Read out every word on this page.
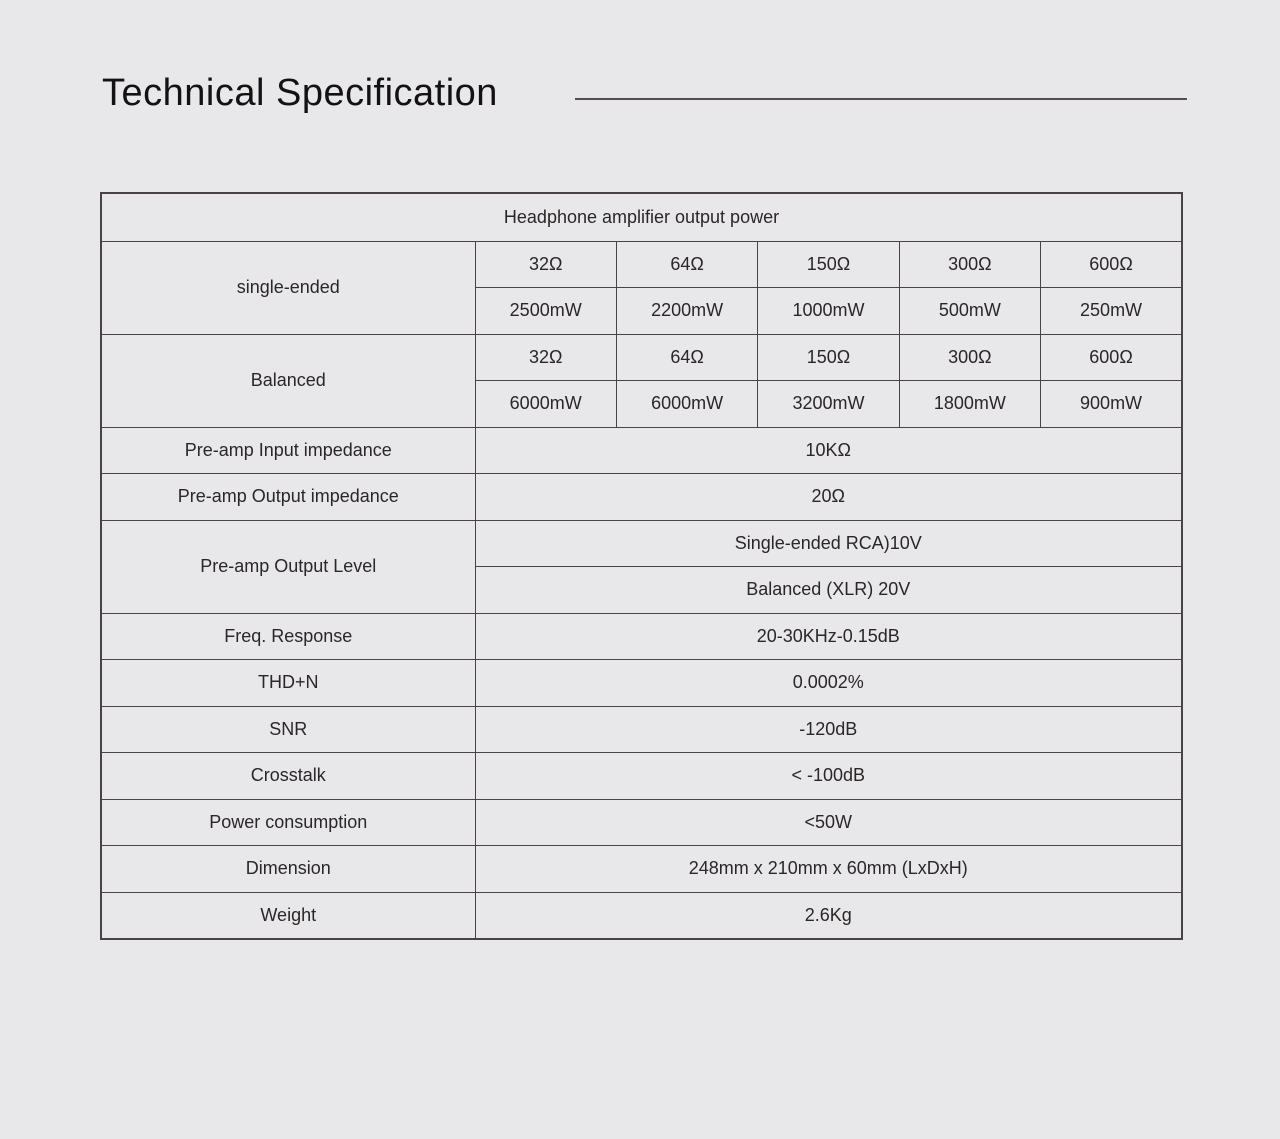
Technical Specification
Headphone amplifier output power					
single-ended	32Ω	64Ω	150Ω	300Ω	600Ω
	2500mW	2200mW	1000mW	500mW	250mW
Balanced	32Ω	64Ω	150Ω	300Ω	600Ω
	6000mW	6000mW	3200mW	1800mW	900mW
Pre-amp Input impedance	10KΩ				
Pre-amp Output impedance	20Ω				
Pre-amp Output Level	Single-ended RCA)10V				
	Balanced (XLR) 20V				
Freq. Response	20-30KHz-0.15dB				
THD+N	0.0002%				
SNR	-120dB				
Crosstalk	< -100dB				
Power consumption	<50W				
Dimension	248mm x 210mm x 60mm (LxDxH)				
Weight	2.6Kg				
